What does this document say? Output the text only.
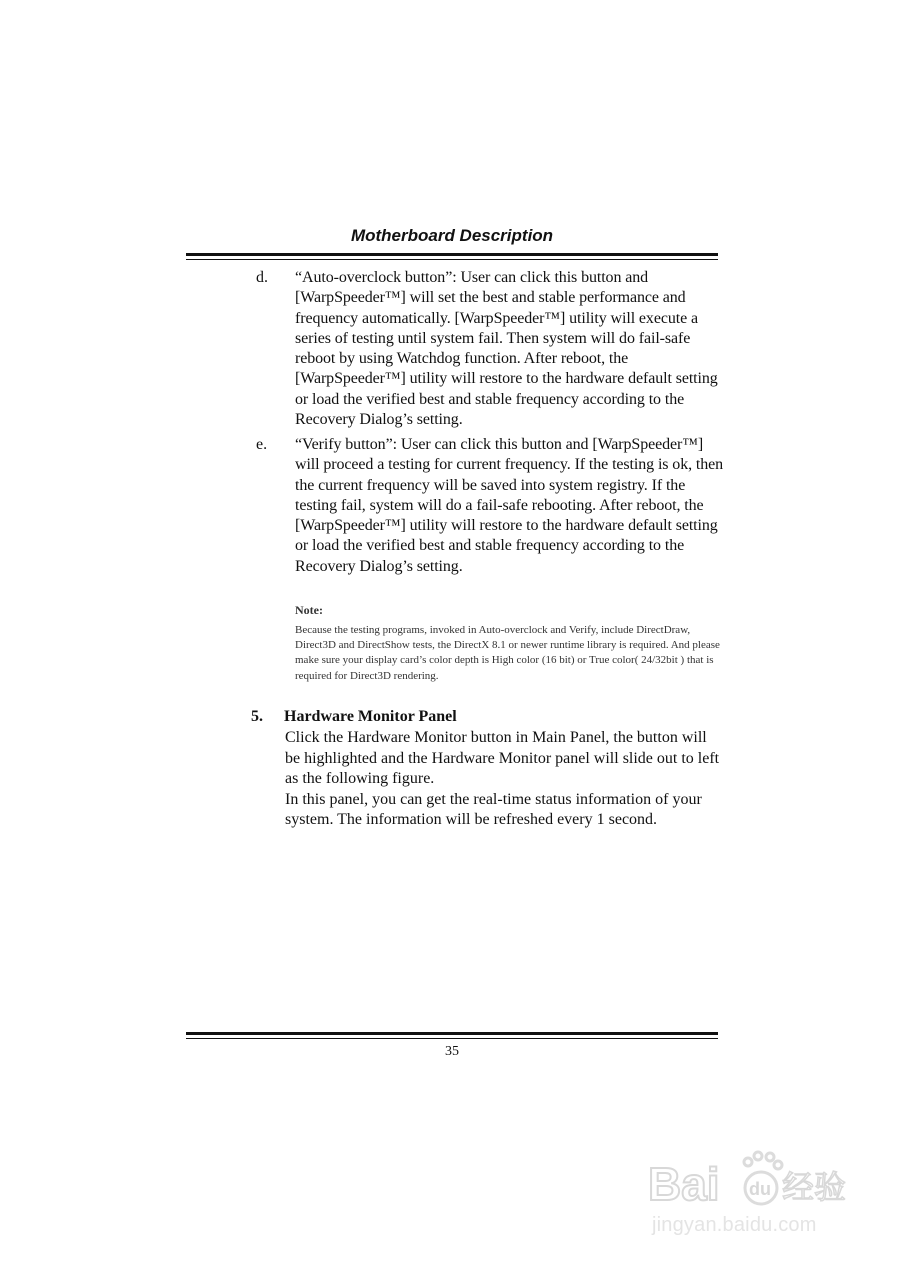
Motherboard Description
d. “Auto-overclock button”: User can click this button and [WarpSpeeder™] will set the best and stable performance and frequency automatically. [WarpSpeeder™] utility will execute a series of testing until system fail. Then system will do fail-safe reboot by using Watchdog function. After reboot, the [WarpSpeeder™] utility will restore to the hardware default setting or load the verified best and stable frequency according to the Recovery Dialog’s setting.
e. “Verify button”: User can click this button and [WarpSpeeder™] will proceed a testing for current frequency. If the testing is ok, then the current frequency will be saved into system registry. If the testing fail, system will do a fail-safe rebooting. After reboot, the [WarpSpeeder™] utility will restore to the hardware default setting or load the verified best and stable frequency according to the Recovery Dialog’s setting.
Note:
Because the testing programs, invoked in Auto-overclock and Verify, include DirectDraw, Direct3D and DirectShow tests, the DirectX 8.1 or newer runtime library is required. And please make sure your display card’s color depth is High color (16 bit) or True color( 24/32bit ) that is required for Direct3D rendering.
5. Hardware Monitor Panel

Click the Hardware Monitor button in Main Panel, the button will be highlighted and the Hardware Monitor panel will slide out to left as the following figure.

In this panel, you can get the real-time status information of your system. The information will be refreshed every 1 second.

35
Bai du 经验
jingyan.baidu.com
